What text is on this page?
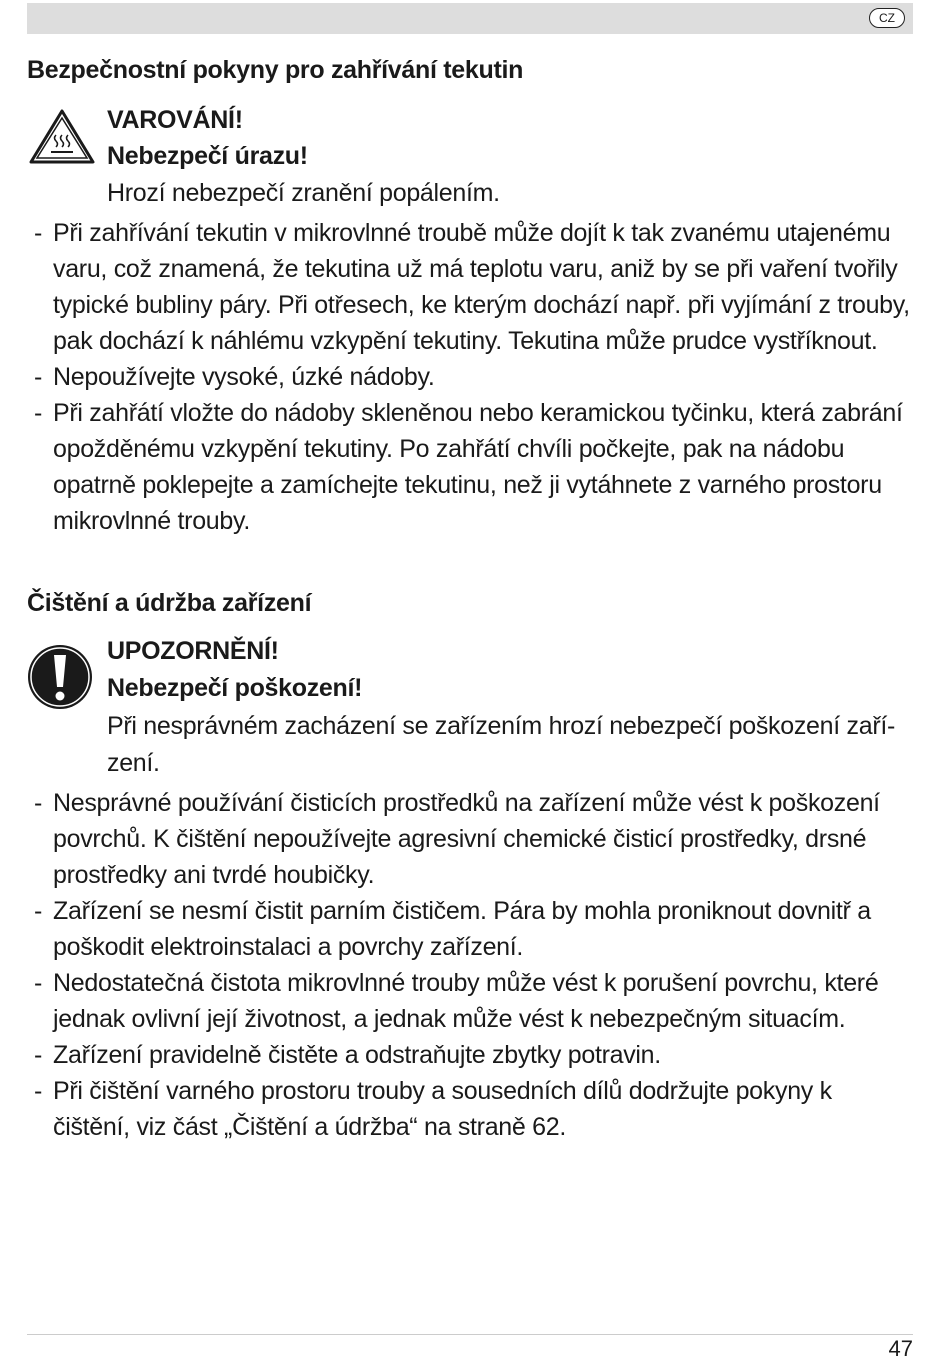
CZ
Bezpečnostní pokyny pro zahřívání tekutin
VAROVÁNÍ!
Nebezpečí úrazu!
Hrozí nebezpečí zranění popálením.
- Při zahřívání tekutin v mikrovlnné troubě může dojít k tak zvanému utajenému varu, což znamená, že tekutina už má teplotu varu, aniž by se při vaření tvořily typické bubliny páry. Při otřesech, ke kterým dochází např. při vyjímání z trouby, pak dochází k náhlému vzkypění tekutiny. Tekutina může prudce vystříknout.
- Nepoužívejte vysoké, úzké nádoby.
- Při zahřátí vložte do nádoby skleněnou nebo keramickou tyčinku, která zabrání opožděnému vzkypění tekutiny. Po zahřátí chvíli počkejte, pak na nádobu opatrně poklepejte a zamíchejte tekutinu, než ji vytáhnete z varného prostoru mikrovlnné trouby.
Čištění a údržba zařízení
UPOZORNĚNÍ!
Nebezpečí poškození!
Při nesprávném zacházení se zařízením hrozí nebezpečí poškození zaří-
zení.
- Nesprávné používání čisticích prostředků na zařízení může vést k poškození povrchů. K čištění nepoužívejte agresivní chemické čisticí prostředky, drsné prostředky ani tvrdé houbičky.
- Zařízení se nesmí čistit parním čističem. Pára by mohla proniknout dovnitř a poškodit elektroinstalaci a povrchy zařízení.
- Nedostatečná čistota mikrovlnné trouby může vést k porušení povrchu, které jednak ovlivní její životnost, a jednak může vést k nebezpečným situacím.
- Zařízení pravidelně čistěte a odstraňujte zbytky potravin.
- Při čištění varného prostoru trouby a sousedních dílů dodržujte pokyny k čištění, viz část „Čištění a údržba“ na straně 62.
47
